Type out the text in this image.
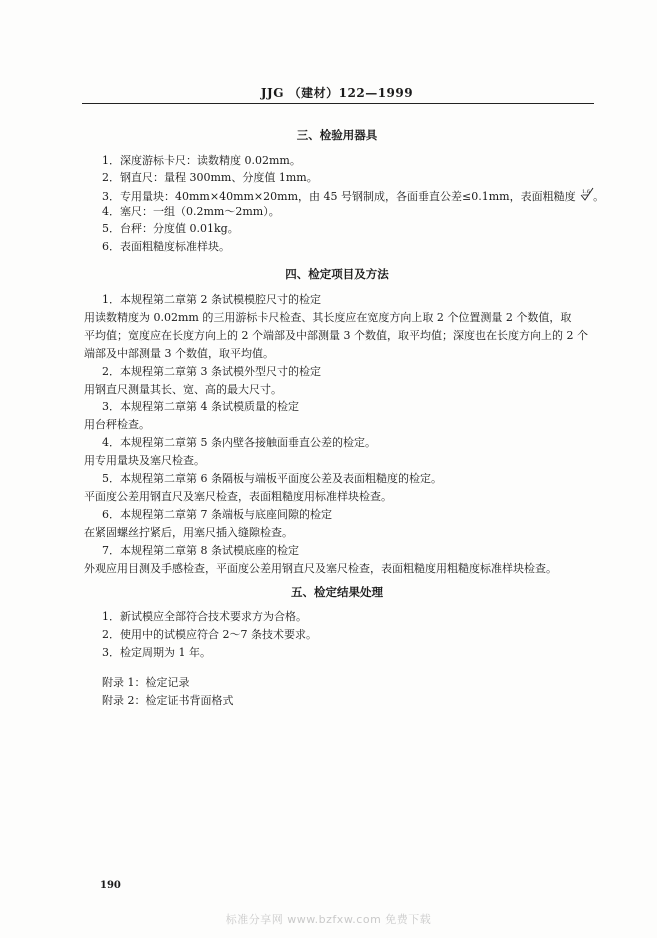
JJG （建材）122—1999
三、检验用器具
1．深度游标卡尺：读数精度 0.02mm。
2．钢直尺：量程 300mm、分度值 1mm。
3．专用量块：40mm×40mm×20mm，由 45 号钢制成，各面垂直公差≤0.1mm，表面粗糙度 1.6 。
4．塞尺：一组（0.2mm～2mm）。
5．台秤：分度值 0.01kg。
6．表面粗糙度标准样块。
四、检定项目及方法
1．本规程第二章第 2 条试模模腔尺寸的检定
用读数精度为 0.02mm 的三用游标卡尺检查、其长度应在宽度方向上取 2 个位置测量 2 个数值，取
平均值；宽度应在长度方向上的 2 个端部及中部测量 3 个数值，取平均值；深度也在长度方向上的 2 个
端部及中部测量 3 个数值，取平均值。
2．本规程第二章第 3 条试模外型尺寸的检定
用钢直尺测量其长、宽、高的最大尺寸。
3．本规程第二章第 4 条试模质量的检定
用台秤检查。
4．本规程第二章第 5 条内壁各接触面垂直公差的检定。
用专用量块及塞尺检查。
5．本规程第二章第 6 条隔板与端板平面度公差及表面粗糙度的检定。
平面度公差用钢直尺及塞尺检查，表面粗糙度用标准样块检查。
6．本规程第二章第 7 条端板与底座间隙的检定
在紧固螺丝拧紧后，用塞尺插入缝隙检查。
7．本规程第二章第 8 条试模底座的检定
外观应用目测及手感检查，平面度公差用钢直尺及塞尺检查，表面粗糙度用粗糙度标准样块检查。
五、检定结果处理
1．新试模应全部符合技术要求方为合格。
2．使用中的试模应符合 2～7 条技术要求。
3．检定周期为 1 年。
附录 1：检定记录
附录 2：检定证书背面格式
190
标准分享网 www.bzfxw.com 免费下载
